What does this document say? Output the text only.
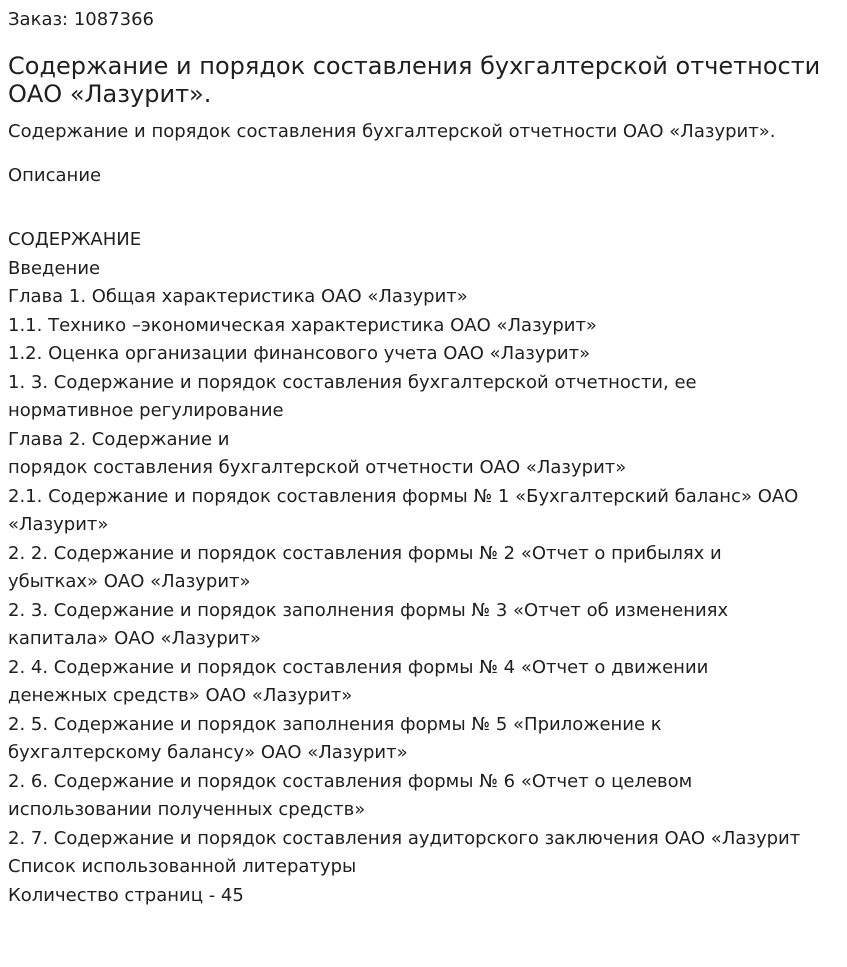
Заказ: 1087366

Содержание и порядок составления бухгалтерской отчетности ОАО «Лазурит».

Содержание и порядок составления бухгалтерской отчетности ОАО «Лазурит».

Описание

СОДЕРЖАНИЕ
Введение
Глава 1. Общая характеристика ОАО «Лазурит»
1.1. Технико –экономическая характеристика ОАО «Лазурит»
1.2. Оценка организации финансового учета ОАО «Лазурит»
1. 3. Содержание и порядок составления бухгалтерской отчетности, ее нормативное регулирование
Глава 2. Содержание и
порядок составления бухгалтерской отчетности ОАО «Лазурит»
2.1. Содержание и порядок составления формы № 1 «Бухгалтерский баланс» ОАО «Лазурит»
2. 2. Содержание и порядок составления формы № 2 «Отчет о прибылях и убытках» ОАО «Лазурит»
2. 3. Содержание и порядок заполнения формы № 3 «Отчет об изменениях капитала» ОАО «Лазурит»
2. 4. Содержание и порядок составления формы № 4 «Отчет о движении денежных средств» ОАО «Лазурит»
2. 5. Содержание и порядок заполнения формы № 5 «Приложение к бухгалтерскому балансу» ОАО «Лазурит»
2. 6. Содержание и порядок составления формы № 6 «Отчет о целевом использовании полученных средств»
2. 7. Содержание и порядок составления аудиторского заключения ОАО «Лазурит
Список использованной литературы

Количество страниц - 45
